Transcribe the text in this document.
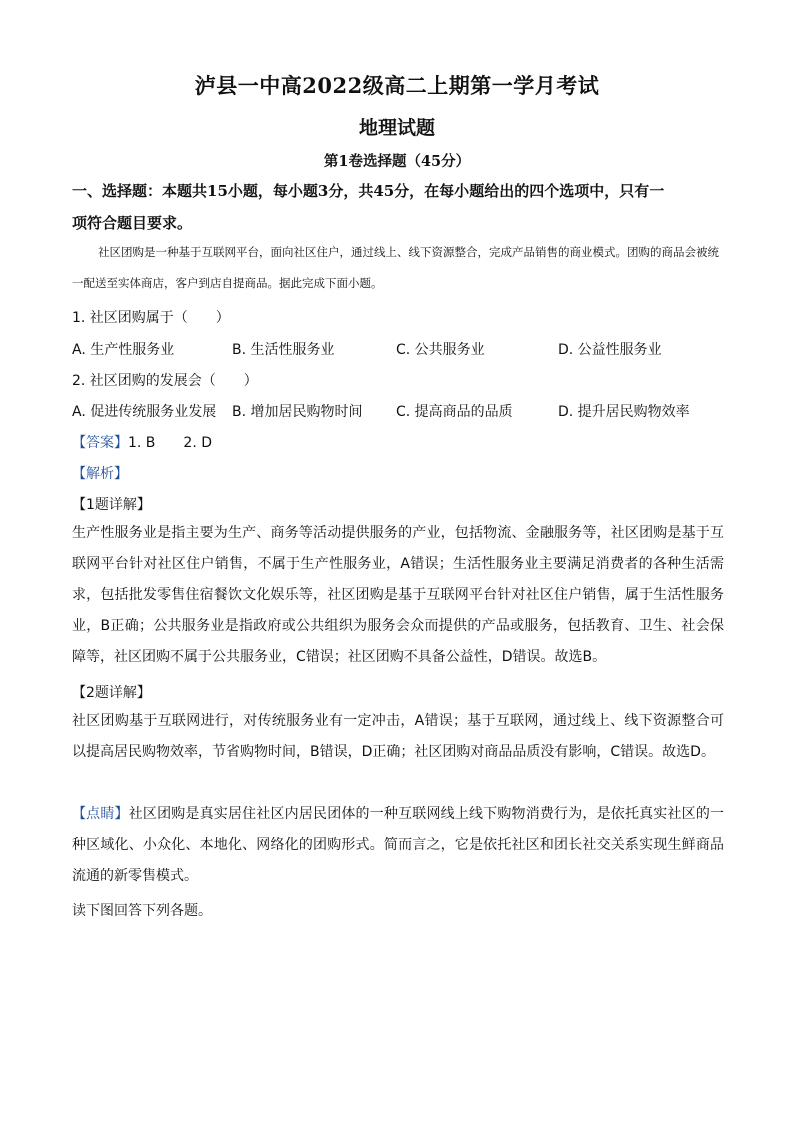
泸县一中高2022级高二上期第一学月考试
地理试题
第1卷选择题（45分）
一、选择题：本题共15小题，每小题3分，共45分，在每小题给出的四个选项中，只有一
项符合题目要求。

社区团购是一种基于互联网平台，面向社区住户，通过线上、线下资源整合，完成产品销售的商业模式。团购的商品会被统一配送至实体商店，客户到店自提商品。据此完成下面小题。

1. 社区团购属于（　　）
A. 生产性服务业	B. 生活性服务业	C. 公共服务业	D. 公益性服务业
2. 社区团购的发展会（　　）
A. 促进传统服务业发展 B. 增加居民购物时间 C. 提高商品的品质	D. 提升居民购物效率
【答案】1. B　　2. D
【解析】
【1题详解】
生产性服务业是指主要为生产、商务等活动提供服务的产业，包括物流、金融服务等，社区团购是基于互联网平台针对社区住户销售，不属于生产性服务业，A错误；生活性服务业主要满足消费者的各种生活需求，包括批发零售住宿餐饮文化娱乐等，社区团购是基于互联网平台针对社区住户销售，属于生活性服务业，B正确；公共服务业是指政府或公共组织为服务会众而提供的产品或服务，包括教育、卫生、社会保障等，社区团购不属于公共服务业，C错误；社区团购不具备公益性，D错误。故选B。
【2题详解】
社区团购基于互联网进行，对传统服务业有一定冲击，A错误；基于互联网，通过线上、线下资源整合可以提高居民购物效率，节省购物时间，B错误，D正确；社区团购对商品品质没有影响，C错误。故选D。
【点睛】社区团购是真实居住社区内居民团体的一种互联网线上线下购物消费行为，是依托真实社区的一种区域化、小众化、本地化、网络化的团购形式。简而言之，它是依托社区和团长社交关系实现生鲜商品流通的新零售模式。
读下图回答下列各题。
